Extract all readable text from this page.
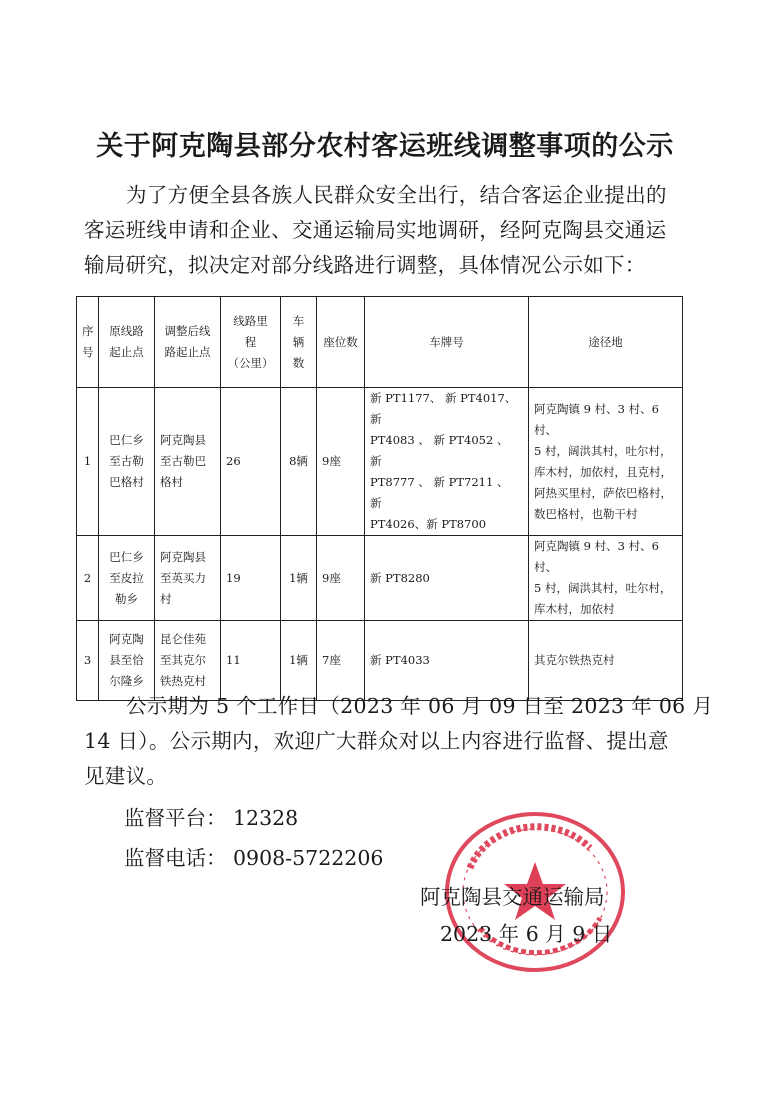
关于阿克陶县部分农村客运班线调整事项的公示
为了方便全县各族人民群众安全出行，结合客运企业提出的
客运班线申请和企业、交通运输局实地调研，经阿克陶县交通运
输局研究，拟决定对部分线路进行调整，具体情况公示如下：
序
号	原线路
起止点	调整后线
路起止点	线路里
程
（公里）	车
辆
数	座位数	车牌号	途径地
1	巴仁乡
至古勒
巴格村	阿克陶县
至古勒巴
格村	26	8辆	9座	新 PT1177、 新 PT4017、 新
PT4083 、 新 PT4052 、 新
PT8777 、 新 PT7211 、 新
PT4026、新 PT8700	阿克陶镇 9 村、3 村、6 村、
5 村，阔洪其村，吐尔村，
库木村，加依村，且克村，
阿热买里村，萨依巴格村，
数巴格村，也勒干村
2	巴仁乡
至皮拉
勒乡	阿克陶县
至英买力
村	19	1辆	9座	新 PT8280	阿克陶镇 9 村、3 村、6 村、
5 村，阔洪其村，吐尔村，
库木村，加依村
3	阿克陶
县至恰
尔隆乡	昆仑佳苑
至其克尔
铁热克村	11	1辆	7座	新 PT4033	其克尔铁热克村
公示期为 5 个工作日（2023 年 06 月 09 日至 2023 年 06 月
14 日）。公示期内，欢迎广大群众对以上内容进行监督、提出意
见建议。
监督平台： 12328
监督电话： 0908-5722206
阿克陶县交通运输局
2023 年 6 月 9 日
